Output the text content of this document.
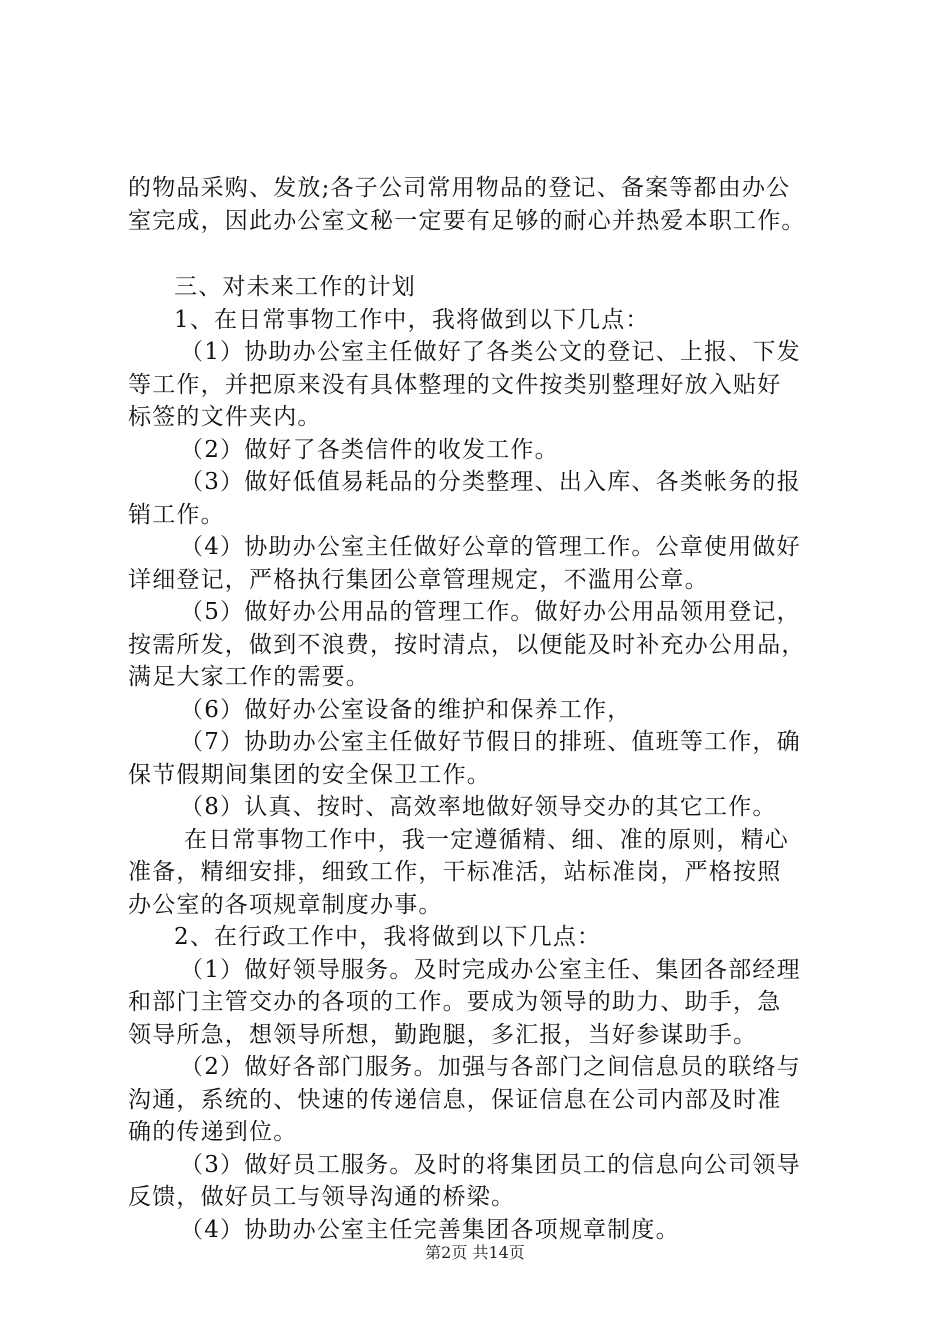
的物品采购、发放;各子公司常用物品的登记、备案等都由办公
室完成，因此办公室文秘一定要有足够的耐心并热爱本职工作。
三、对未来工作的计划
1、在日常事物工作中，我将做到以下几点：
（1）协助办公室主任做好了各类公文的登记、上报、下发
等工作，并把原来没有具体整理的文件按类别整理好放入贴好
标签的文件夹内。
（2）做好了各类信件的收发工作。
（3）做好低值易耗品的分类整理、出入库、各类帐务的报
销工作。
（4）协助办公室主任做好公章的管理工作。公章使用做好
详细登记，严格执行集团公章管理规定，不滥用公章。
（5）做好办公用品的管理工作。做好办公用品领用登记，
按需所发，做到不浪费，按时清点，以便能及时补充办公用品，
满足大家工作的需要。
（6）做好办公室设备的维护和保养工作，
（7）协助办公室主任做好节假日的排班、值班等工作，确
保节假期间集团的安全保卫工作。
（8）认真、按时、高效率地做好领导交办的其它工作。
在日常事物工作中，我一定遵循精、细、准的原则，精心
准备，精细安排，细致工作，干标准活，站标准岗，严格按照
办公室的各项规章制度办事。
2、在行政工作中，我将做到以下几点：
（1）做好领导服务。及时完成办公室主任、集团各部经理
和部门主管交办的各项的工作。要成为领导的助力、助手，急
领导所急，想领导所想，勤跑腿，多汇报，当好参谋助手。
（2）做好各部门服务。加强与各部门之间信息员的联络与
沟通，系统的、快速的传递信息，保证信息在公司内部及时准
确的传递到位。
（3）做好员工服务。及时的将集团员工的信息向公司领导
反馈，做好员工与领导沟通的桥梁。
（4）协助办公室主任完善集团各项规章制度。
第2页 共14页
